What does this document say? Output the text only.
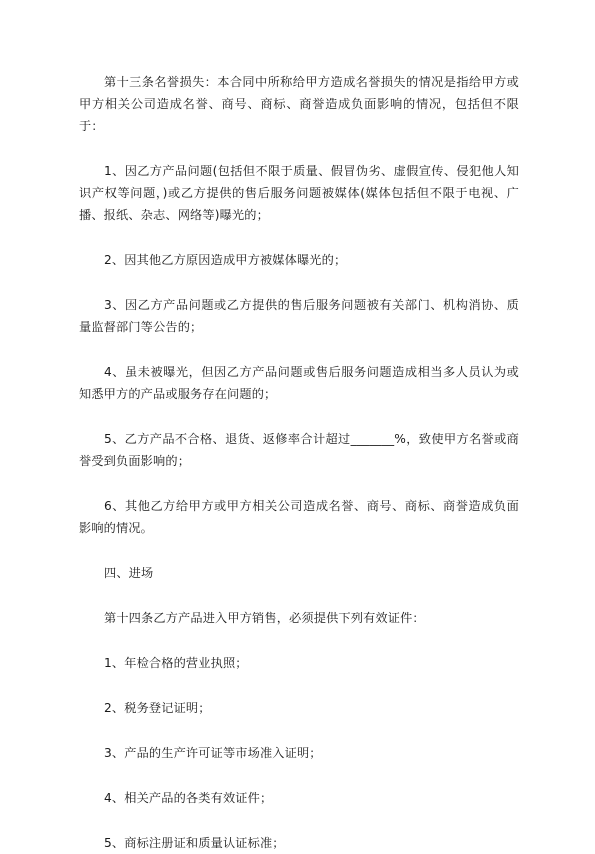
第十三条名誉损失：本合同中所称给甲方造成名誉损失的情况是指给甲方或甲方相关公司造成名誉、商号、商标、商誉造成负面影响的情况，包括但不限于：

1、因乙方产品问题(包括但不限于质量、假冒伪劣、虚假宣传、侵犯他人知识产权等问题，)或乙方提供的售后服务问题被媒体(媒体包括但不限于电视、广播、报纸、杂志、网络等)曝光的；

2、因其他乙方原因造成甲方被媒体曝光的；

3、因乙方产品问题或乙方提供的售后服务问题被有关部门、机构消协、质量监督部门等公告的；

4、虽未被曝光，但因乙方产品问题或售后服务问题造成相当多人员认为或知悉甲方的产品或服务存在问题的；

5、乙方产品不合格、退货、返修率合计超过_______%，致使甲方名誉或商誉受到负面影响的；

6、其他乙方给甲方或甲方相关公司造成名誉、商号、商标、商誉造成负面影响的情况。

四、进场

第十四条乙方产品进入甲方销售，必须提供下列有效证件：

1、年检合格的营业执照；

2、税务登记证明；

3、产品的生产许可证等市场准入证明；

4、相关产品的各类有效证件；

5、商标注册证和质量认证标准；
